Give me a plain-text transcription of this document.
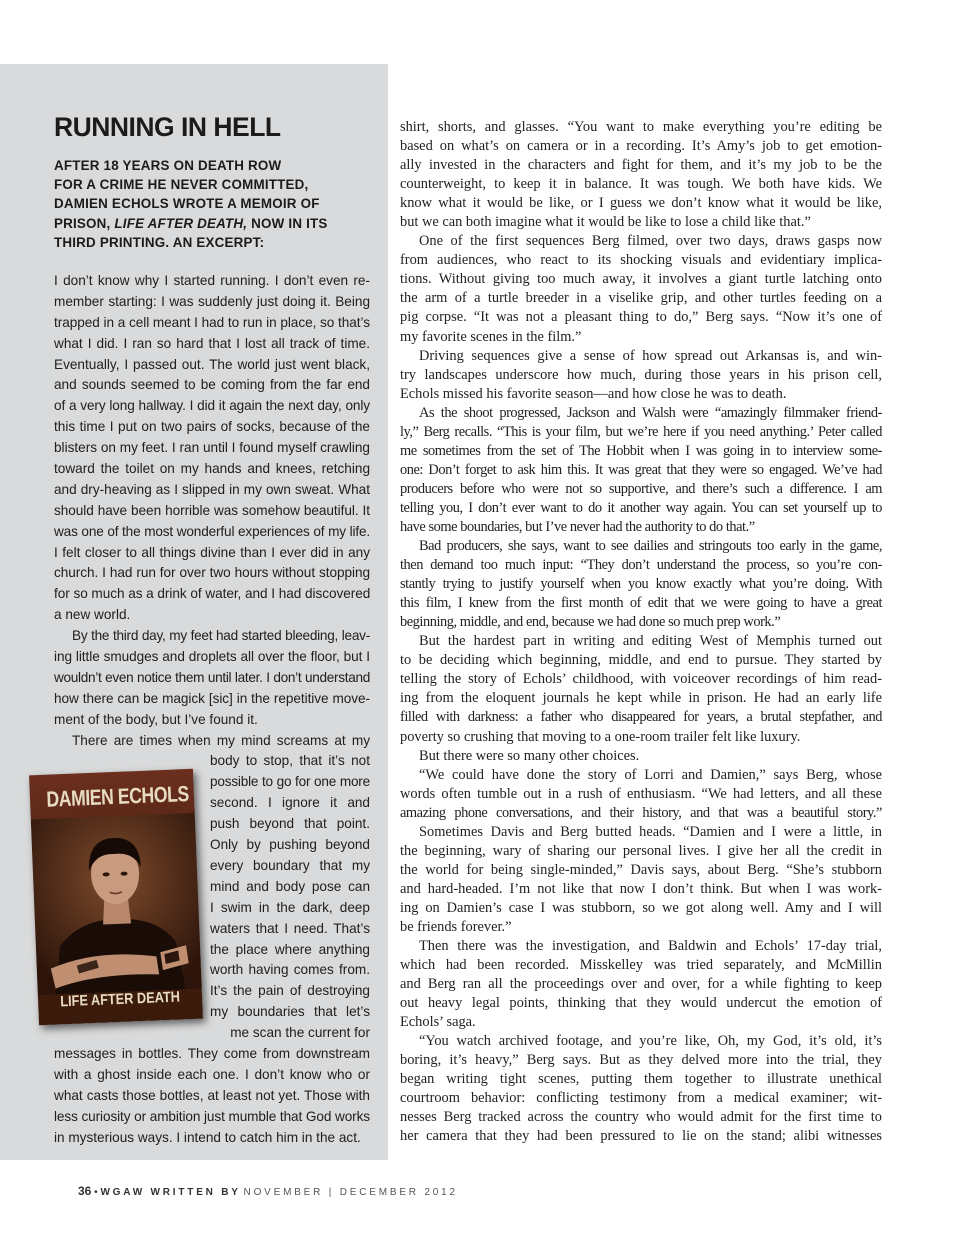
RUNNING IN HELL
AFTER 18 YEARS ON DEATH ROW
FOR A CRIME HE NEVER COMMITTED,
DAMIEN ECHOLS WROTE A MEMOIR OF
PRISON, LIFE AFTER DEATH, NOW IN ITS
THIRD PRINTING. AN EXCERPT:
I don’t know why I started running. I don’t even re-
member starting: I was suddenly just doing it. Being
trapped in a cell meant I had to run in place, so that’s
what I did. I ran so hard that I lost all track of time.
Eventually, I passed out. The world just went black,
and sounds seemed to be coming from the far end
of a very long hallway. I did it again the next day, only
this time I put on two pairs of socks, because of the
blisters on my feet. I ran until I found myself crawling
toward the toilet on my hands and knees, retching
and dry-heaving as I slipped in my own sweat. What
should have been horrible was somehow beautiful. It
was one of the most wonderful experiences of my life.
I felt closer to all things divine than I ever did in any
church. I had run for over two hours without stopping
for so much as a drink of water, and I had discovered
a new world.
By the third day, my feet had started bleeding, leav-
ing little smudges and droplets all over the floor, but I
wouldn’t even notice them until later. I don’t understand
how there can be magick [sic] in the repetitive move-
ment of the body, but I’ve found it.
There are times when my mind screams at my
body to stop, that it’s not
possible to go for one more
second. I ignore it and
push beyond that point.
Only by pushing beyond
every boundary that my
mind and body pose can
I swim in the dark, deep
waters that I need. That’s
the place where anything
worth having comes from.
It’s the pain of destroying
my boundaries that let’s
me scan the current for
messages in bottles. They come from downstream
with a ghost inside each one. I don’t know who or
what casts those bottles, at least not yet. Those with
less curiosity or ambition just mumble that God works
in mysterious ways. I intend to catch him in the act.
DAMIEN ECHOLS
LIFE AFTER DEATH
shirt, shorts, and glasses. “You want to make everything you’re editing be
based on what’s on camera or in a recording. It’s Amy’s job to get emotion-
ally invested in the characters and fight for them, and it’s my job to be the
counterweight, to keep it in balance. It was tough. We both have kids. We
know what it would be like, or I guess we don’t know what it would be like,
but we can both imagine what it would be like to lose a child like that.”
One of the first sequences Berg filmed, over two days, draws gasps now
from audiences, who react to its shocking visuals and evidentiary implica-
tions. Without giving too much away, it involves a giant turtle latching onto
the arm of a turtle breeder in a viselike grip, and other turtles feeding on a
pig corpse. “It was not a pleasant thing to do,” Berg says. “Now it’s one of
my favorite scenes in the film.”
Driving sequences give a sense of how spread out Arkansas is, and win-
try landscapes underscore how much, during those years in his prison cell,
Echols missed his favorite season—and how close he was to death.
As the shoot progressed, Jackson and Walsh were “amazingly filmmaker friend-
ly,” Berg recalls. “This is your film, but we’re here if you need anything.’ Peter called
me sometimes from the set of The Hobbit when I was going in to interview some-
one: Don’t forget to ask him this. It was great that they were so engaged. We’ve had
producers before who were not so supportive, and there’s such a difference. I am
telling you, I don’t ever want to do it another way again. You can set yourself up to
have some boundaries, but I’ve never had the authority to do that.”
Bad producers, she says, want to see dailies and stringouts too early in the game,
then demand too much input: “They don’t understand the process, so you’re con-
stantly trying to justify yourself when you know exactly what you’re doing. With
this film, I knew from the first month of edit that we were going to have a great
beginning, middle, and end, because we had done so much prep work.”
But the hardest part in writing and editing West of Memphis turned out
to be deciding which beginning, middle, and end to pursue. They started by
telling the story of Echols’ childhood, with voiceover recordings of him read-
ing from the eloquent journals he kept while in prison. He had an early life
filled with darkness: a father who disappeared for years, a brutal stepfather, and
poverty so crushing that moving to a one-room trailer felt like luxury.
But there were so many other choices.
“We could have done the story of Lorri and Damien,” says Berg, whose
words often tumble out in a rush of enthusiasm. “We had letters, and all these
amazing phone conversations, and their history, and that was a beautiful story.”
Sometimes Davis and Berg butted heads. “Damien and I were a little, in
the beginning, wary of sharing our personal lives. I give her all the credit in
the world for being single-minded,” Davis says, about Berg. “She’s stubborn
and hard-headed. I’m not like that now I don’t think. But when I was work-
ing on Damien’s case I was stubborn, so we got along well. Amy and I will
be friends forever.”
Then there was the investigation, and Baldwin and Echols’ 17-day trial,
which had been recorded. Misskelley was tried separately, and McMillin
and Berg ran all the proceedings over and over, for a while fighting to keep
out heavy legal points, thinking that they would undercut the emotion of
Echols’ saga.
“You watch archived footage, and you’re like, Oh, my God, it’s old, it’s
boring, it’s heavy,” Berg says. But as they delved more into the trial, they
began writing tight scenes, putting them together to illustrate unethical
courtroom behavior: conflicting testimony from a medical examiner; wit-
nesses Berg tracked across the country who would admit for the first time to
her camera that they had been pressured to lie on the stand; alibi witnesses
36 • WGAW WRITTEN BY NOVEMBER | DECEMBER 2012
